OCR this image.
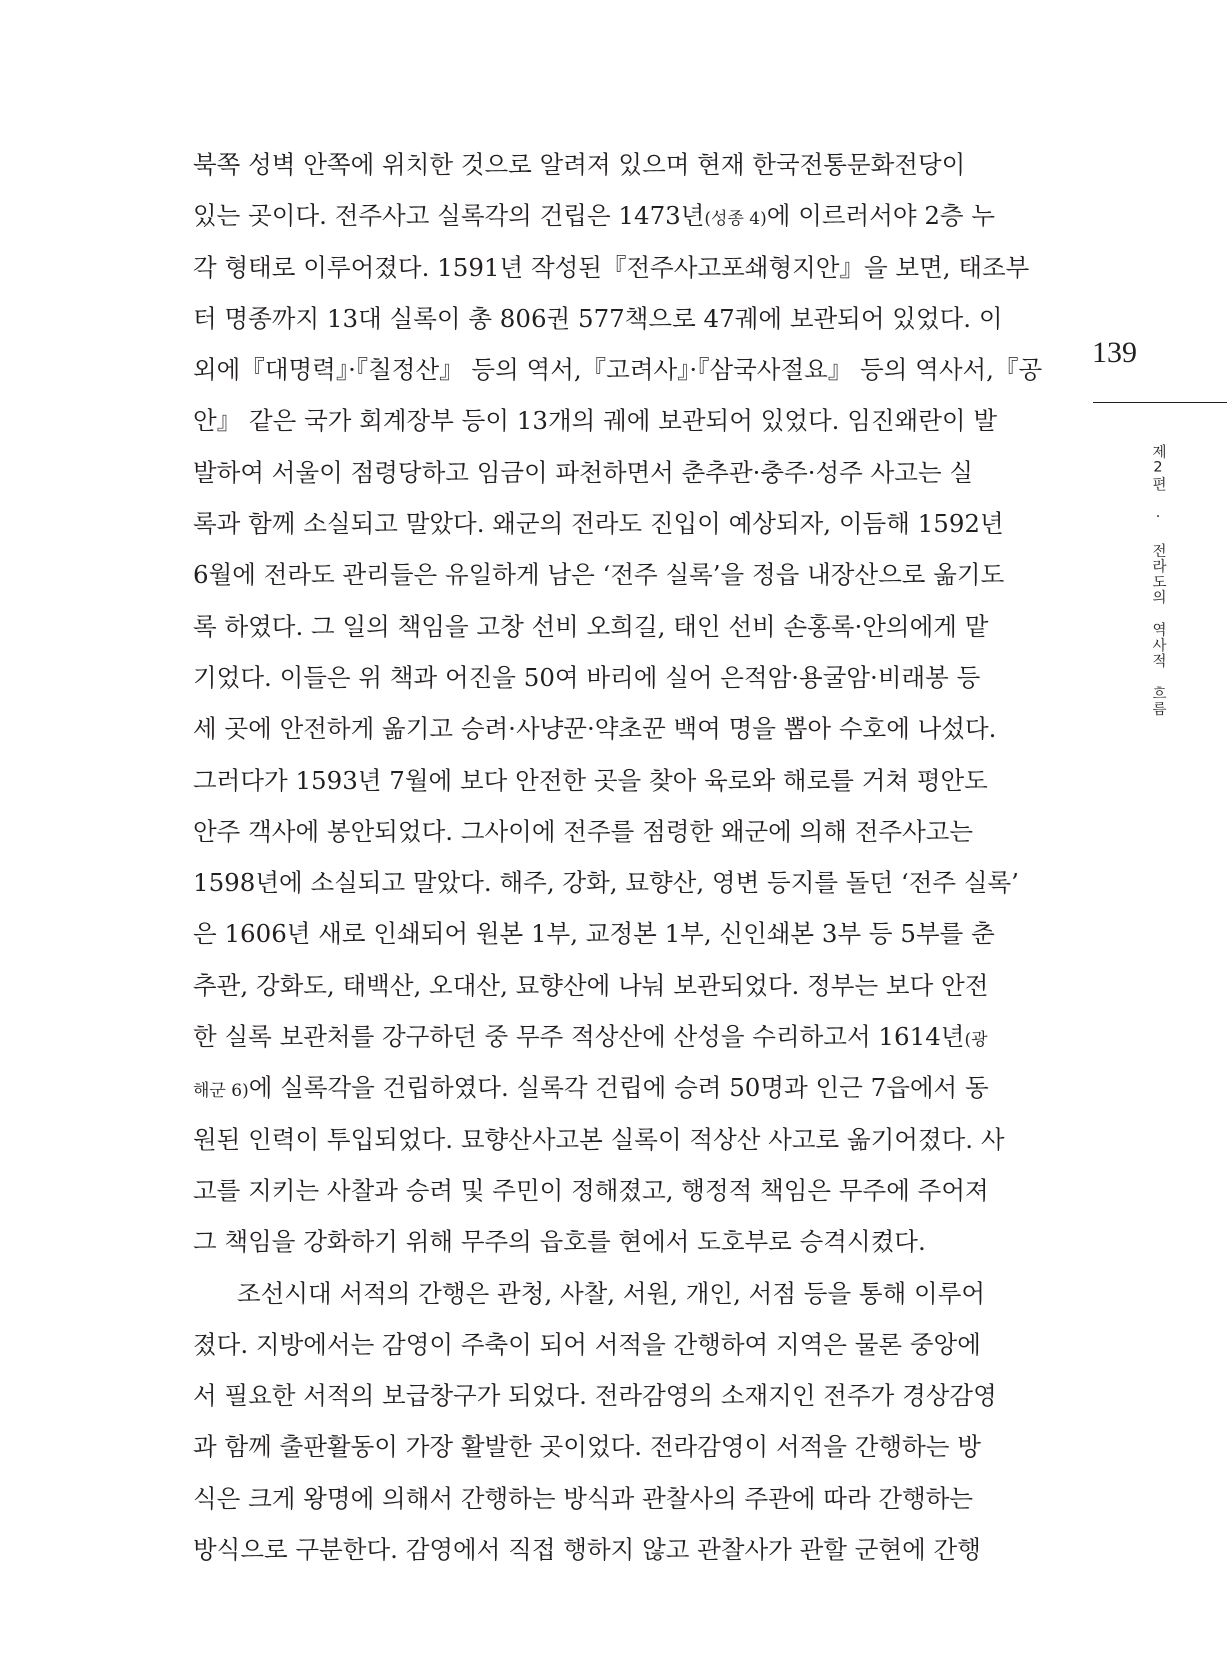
북쪽 성벽 안쪽에 위치한 것으로 알려져 있으며 현재 한국전통문화전당이
있는 곳이다. 전주사고 실록각의 건립은 1473년(성종 4)에 이르러서야 2층 누
각 형태로 이루어졌다. 1591년 작성된『전주사고포쇄형지안』을 보면, 태조부
터 명종까지 13대 실록이 총 806권 577책으로 47궤에 보관되어 있었다. 이
외에『대명력』·『칠정산』 등의 역서,『고려사』·『삼국사절요』 등의 역사서,『공
안』 같은 국가 회계장부 등이 13개의 궤에 보관되어 있었다. 임진왜란이 발
발하여 서울이 점령당하고 임금이 파천하면서 춘추관·충주·성주 사고는 실
록과 함께 소실되고 말았다. 왜군의 전라도 진입이 예상되자, 이듬해 1592년
6월에 전라도 관리들은 유일하게 남은 ‘전주 실록’을 정읍 내장산으로 옮기도
록 하였다. 그 일의 책임을 고창 선비 오희길, 태인 선비 손홍록·안의에게 맡
기었다. 이들은 위 책과 어진을 50여 바리에 실어 은적암·용굴암·비래봉 등
세 곳에 안전하게 옮기고 승려·사냥꾼·약초꾼 백여 명을 뽑아 수호에 나섰다.
그러다가 1593년 7월에 보다 안전한 곳을 찾아 육로와 해로를 거쳐 평안도
안주 객사에 봉안되었다. 그사이에 전주를 점령한 왜군에 의해 전주사고는
1598년에 소실되고 말았다. 해주, 강화, 묘향산, 영변 등지를 돌던 ‘전주 실록’
은 1606년 새로 인쇄되어 원본 1부, 교정본 1부, 신인쇄본 3부 등 5부를 춘
추관, 강화도, 태백산, 오대산, 묘향산에 나눠 보관되었다. 정부는 보다 안전
한 실록 보관처를 강구하던 중 무주 적상산에 산성을 수리하고서 1614년(광
해군 6)에 실록각을 건립하였다. 실록각 건립에 승려 50명과 인근 7읍에서 동
원된 인력이 투입되었다. 묘향산사고본 실록이 적상산 사고로 옮기어졌다. 사
고를 지키는 사찰과 승려 및 주민이 정해졌고, 행정적 책임은 무주에 주어져
그 책임을 강화하기 위해 무주의 읍호를 현에서 도호부로 승격시켰다.
조선시대 서적의 간행은 관청, 사찰, 서원, 개인, 서점 등을 통해 이루어
졌다. 지방에서는 감영이 주축이 되어 서적을 간행하여 지역은 물론 중앙에
서 필요한 서적의 보급창구가 되었다. 전라감영의 소재지인 전주가 경상감영
과 함께 출판활동이 가장 활발한 곳이었다. 전라감영이 서적을 간행하는 방
식은 크게 왕명에 의해서 간행하는 방식과 관찰사의 주관에 따라 간행하는
방식으로 구분한다. 감영에서 직접 행하지 않고 관찰사가 관할 군현에 간행
139
제2편 · 전라도의 역사적 흐름
